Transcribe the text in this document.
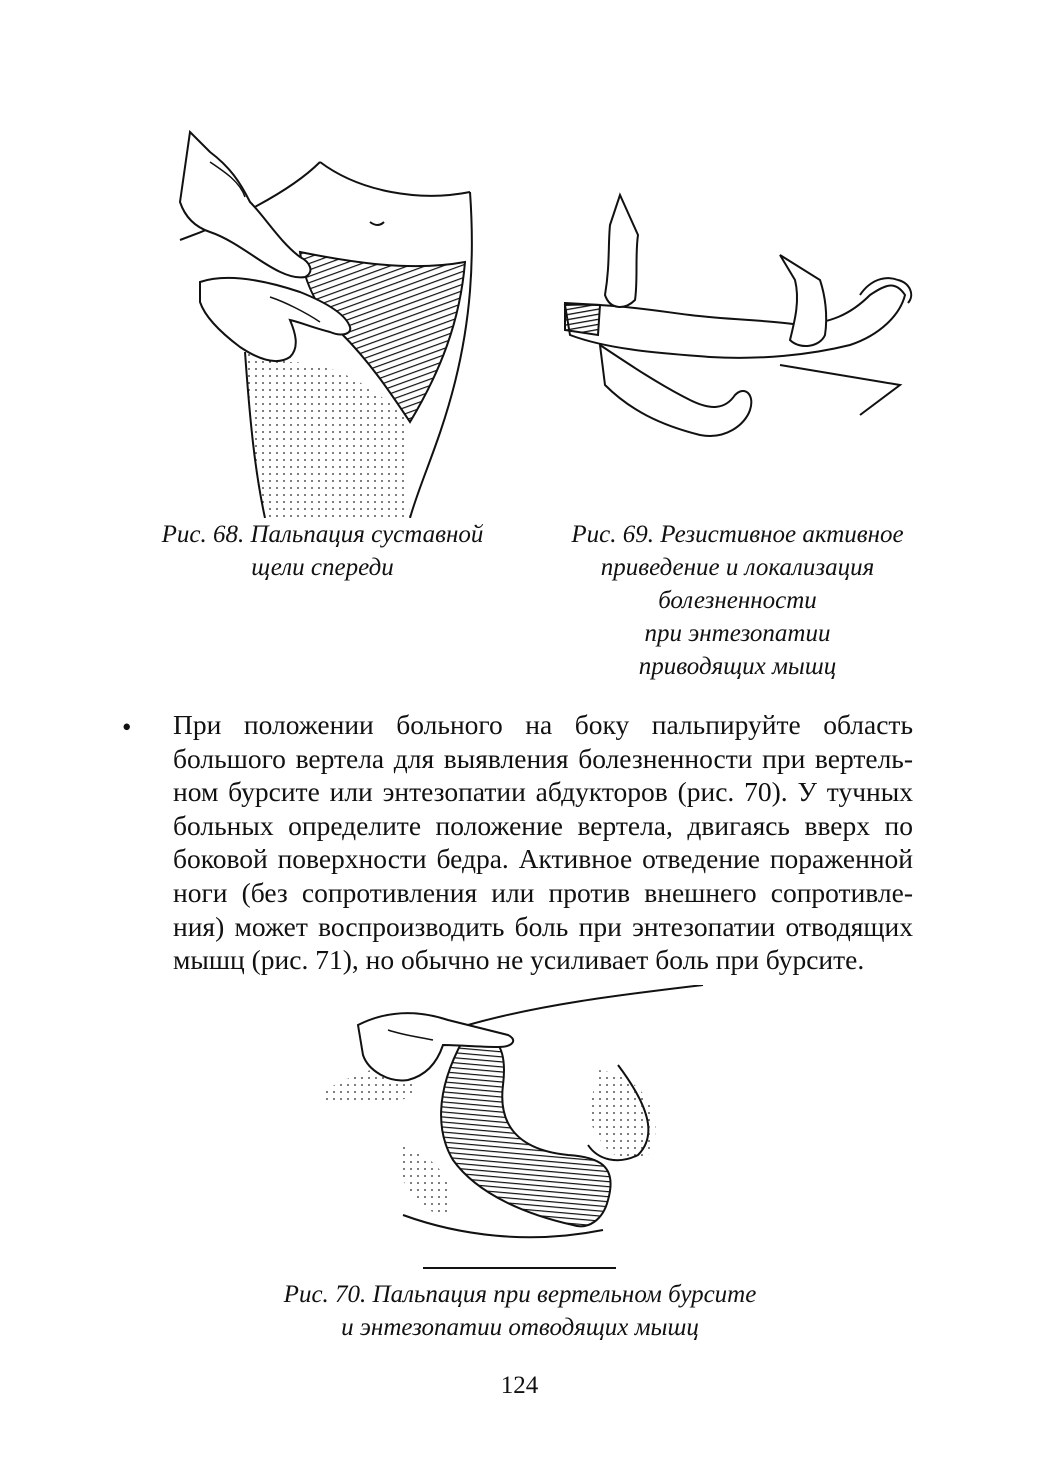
Рис. 68. Пальпация суставной
щели спереди
Рис. 69. Резистивное активное
приведение и локализация
болезненности
при энтезопатии
приводящих мышц
• При положении больного на боку пальпируйте область
большого вертела для выявления болезненности при вертель-
ном бурсите или энтезопатии абдукторов (рис. 70). У тучных
больных определите положение вертела, двигаясь вверх по
боковой поверхности бедра. Активное отведение пораженной
ноги (без сопротивления или против внешнего сопротивле-
ния) может воспроизводить боль при энтезопатии отводящих
мышц (рис. 71), но обычно не усиливает боль при бурсите.
Рис. 70. Пальпация при вертельном бурсите
и энтезопатии отводящих мышц
124
